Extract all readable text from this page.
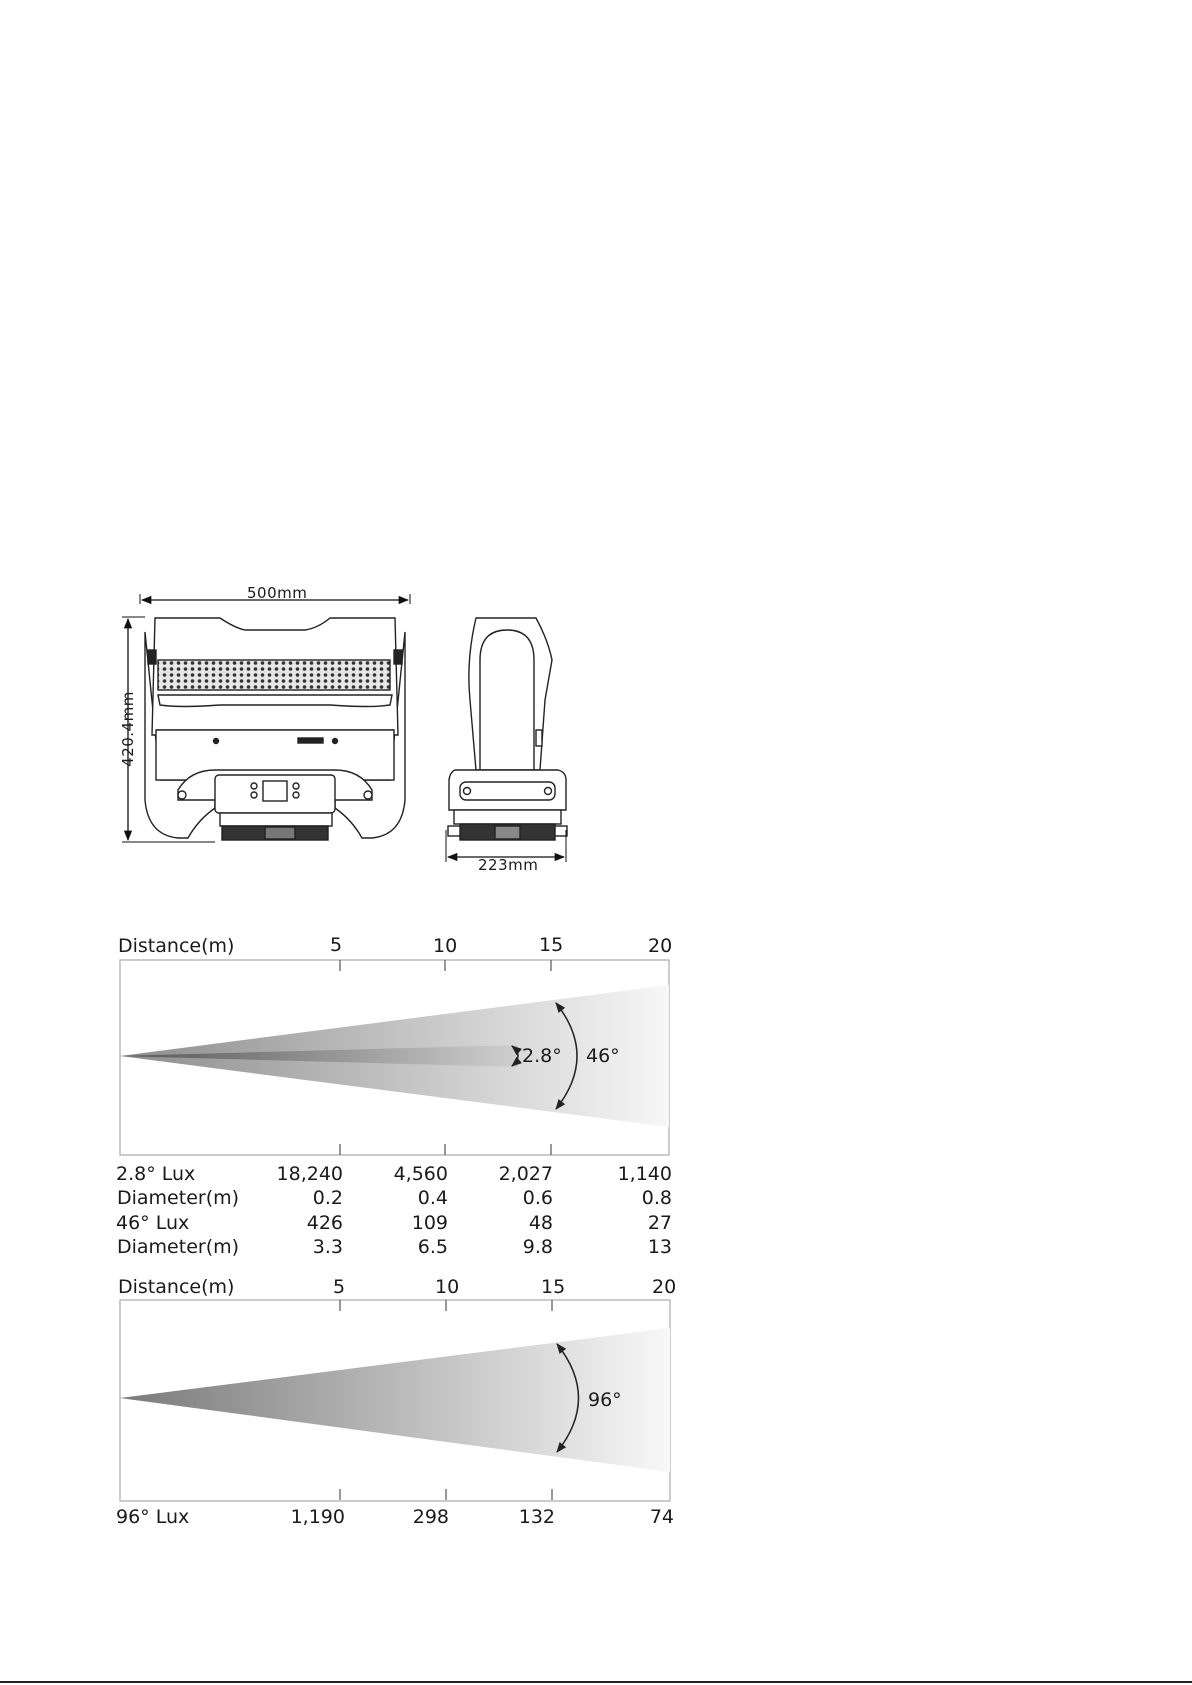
500mm
420.4mm
223mm
Distance(m)	5	10	15	20
2.8° 46°
2.8° Lux	18,240	4,560	2,027	1,140
Diameter(m)	0.2	0.4	0.6	0.8
46° Lux	426	109	48	27
Diameter(m)	3.3	6.5	9.8	13
Distance(m)	5	10	15	20
96°
96° Lux	1,190	298	132	74
